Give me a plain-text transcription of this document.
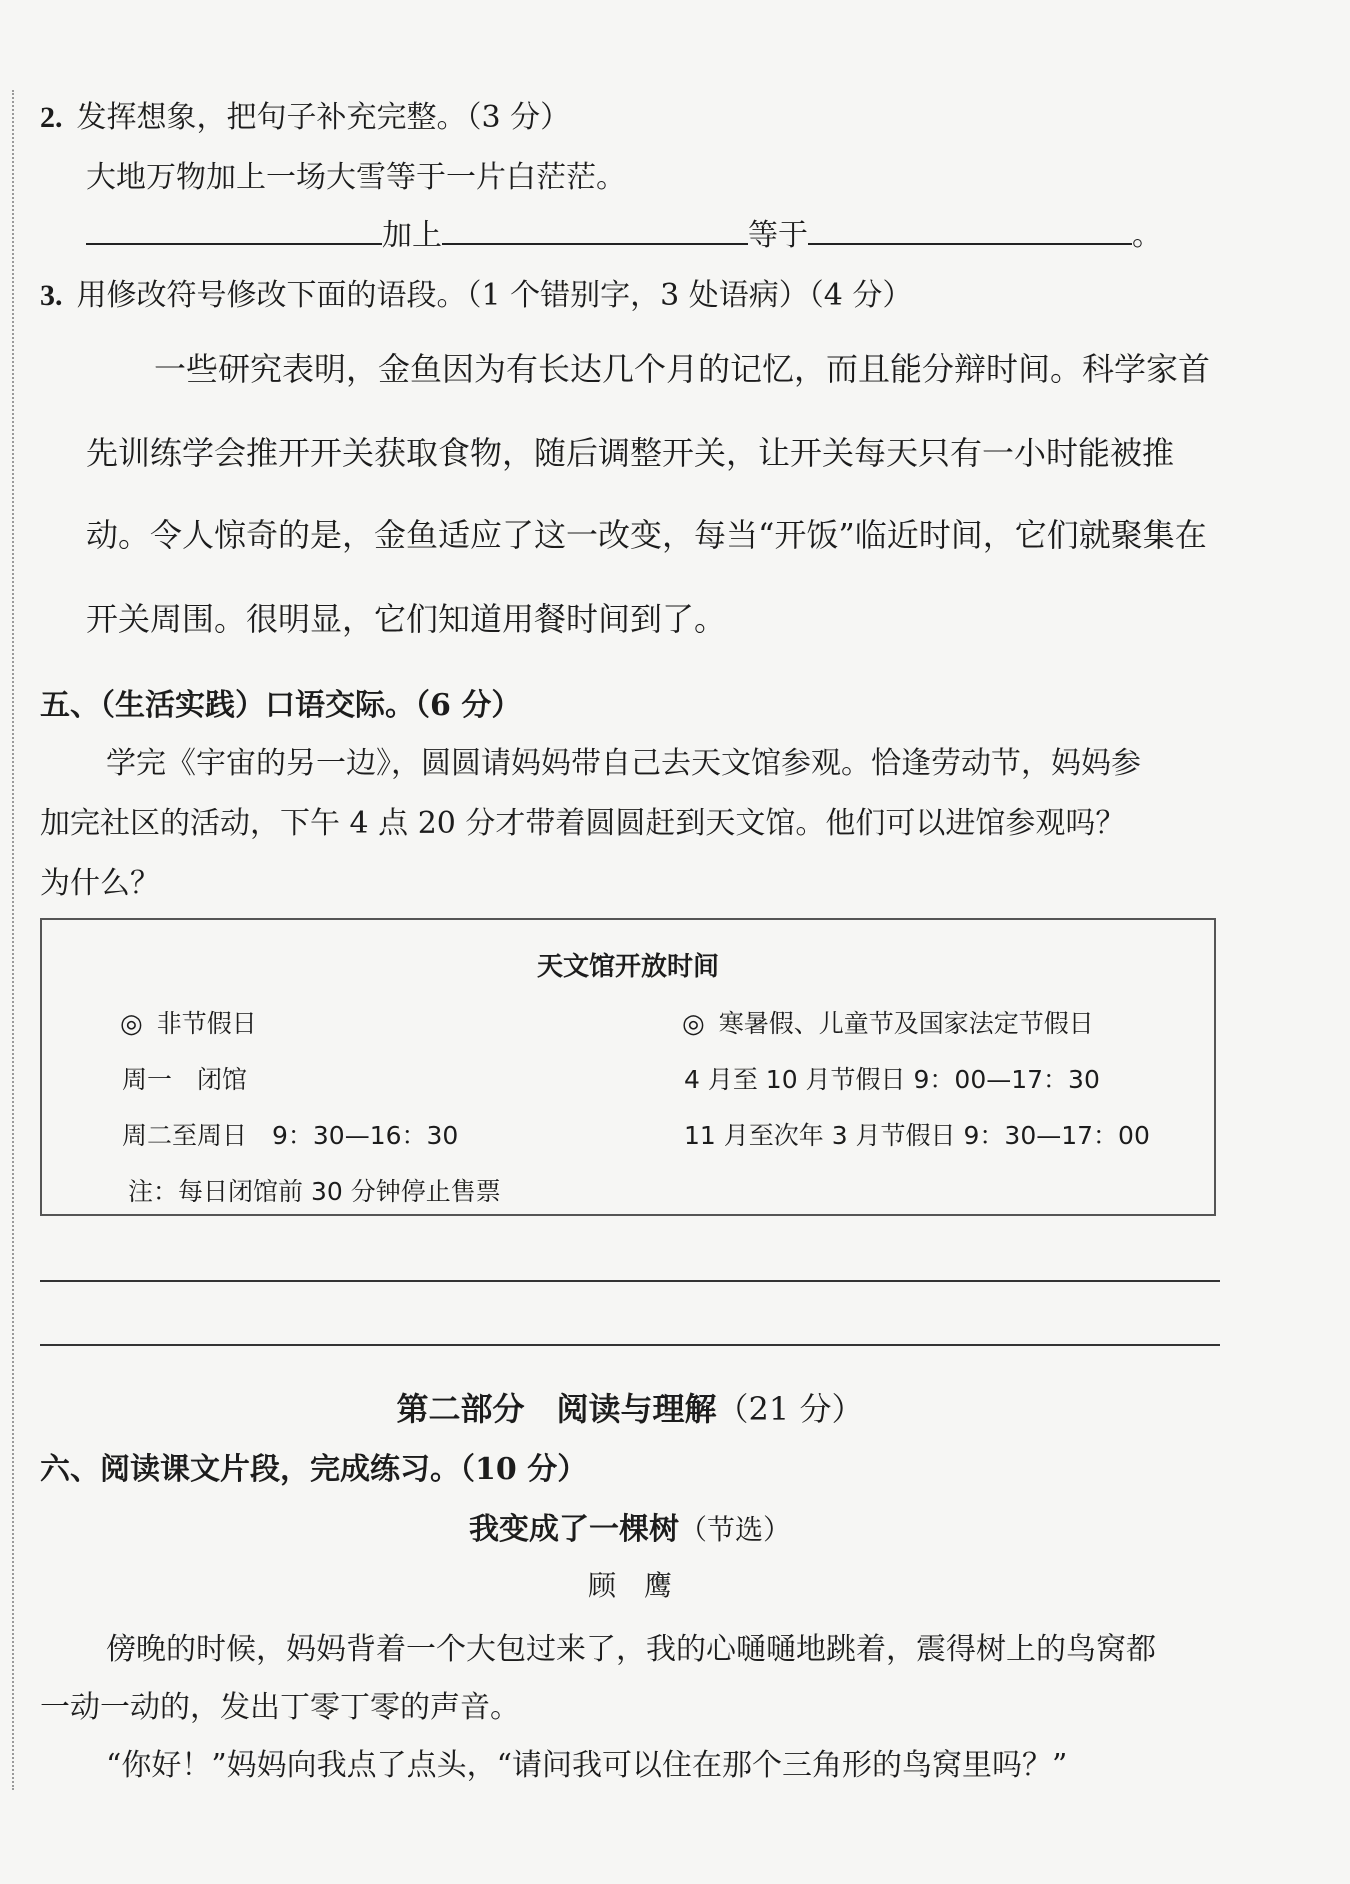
2. 发挥想象，把句子补充完整。（3 分）
大地万物加上一场大雪等于一片白茫茫。
加上	等于	。
3. 用修改符号修改下面的语段。（1 个错别字，3 处语病）（4 分）
一些研究表明，金鱼因为有长达几个月的记忆，而且能分辩时间。科学家首
先训练学会推开开关获取食物，随后调整开关，让开关每天只有一小时能被推
动。令人惊奇的是，金鱼适应了这一改变，每当“开饭”临近时间，它们就聚集在
开关周围。很明显，它们知道用餐时间到了。
五、（生活实践）口语交际。（6 分）
学完《宇宙的另一边》，圆圆请妈妈带自己去天文馆参观。恰逢劳动节，妈妈参
加完社区的活动，下午 4 点 20 分才带着圆圆赶到天文馆。他们可以进馆参观吗？
为什么？
天文馆开放时间
◎ 非节假日
周一　闭馆
周二至周日　9：30—16：30
注：每日闭馆前 30 分钟停止售票
◎ 寒暑假、儿童节及国家法定节假日
4 月至 10 月节假日 9：00—17：30
11 月至次年 3 月节假日 9：30—17：00
第二部分　阅读与理解（21 分）
六、阅读课文片段，完成练习。（10 分）
我变成了一棵树（节选）
顾　鹰
傍晚的时候，妈妈背着一个大包过来了，我的心嗵嗵地跳着，震得树上的鸟窝都
一动一动的，发出丁零丁零的声音。
“你好！”妈妈向我点了点头，“请问我可以住在那个三角形的鸟窝里吗？”
